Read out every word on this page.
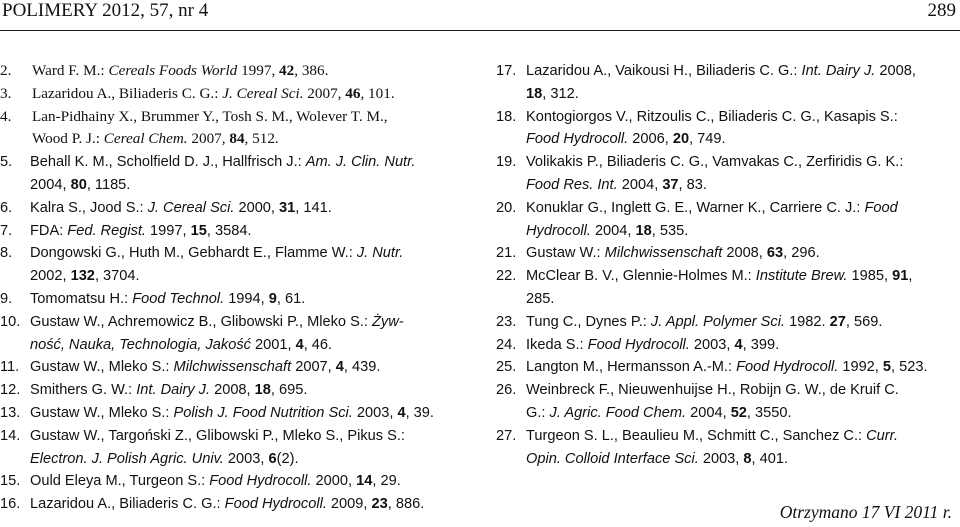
POLIMERY 2012, 57, nr 4	289
2. Ward F. M.: Cereals Foods World 1997, 42, 386.
3. Lazaridou A., Biliaderis C. G.: J. Cereal Sci. 2007, 46, 101.
4. Lan-Pidhainy X., Brummer Y., Tosh S. M., Wolever T. M.,
Wood P. J.: Cereal Chem. 2007, 84, 512.
5. Behall K. M., Scholfield D. J., Hallfrisch J.: Am. J. Clin. Nutr.
2004, 80, 1185.
6. Kalra S., Jood S.: J. Cereal Sci. 2000, 31, 141.
7. FDA: Fed. Regist. 1997, 15, 3584.
8. Dongowski G., Huth M., Gebhardt E., Flamme W.: J. Nutr.
2002, 132, 3704.
9. Tomomatsu H.: Food Technol. 1994, 9, 61.
10. Gustaw W., Achremowicz B., Glibowski P., Mleko S.: Żyw-
ność, Nauka, Technologia, Jakość 2001, 4, 46.
11. Gustaw W., Mleko S.: Milchwissenschaft 2007, 4, 439.
12. Smithers G. W.: Int. Dairy J. 2008, 18, 695.
13. Gustaw W., Mleko S.: Polish J. Food Nutrition Sci. 2003, 4, 39.
14. Gustaw W., Targoński Z., Glibowski P., Mleko S., Pikus S.:
Electron. J. Polish Agric. Univ. 2003, 6(2).
15. Ould Eleya M., Turgeon S.: Food Hydrocoll. 2000, 14, 29.
16. Lazaridou A., Biliaderis C. G.: Food Hydrocoll. 2009, 23, 886.
17. Lazaridou A., Vaikousi H., Biliaderis C. G.: Int. Dairy J. 2008,
18, 312.
18. Kontogiorgos V., Ritzoulis C., Biliaderis C. G., Kasapis S.:
Food Hydrocoll. 2006, 20, 749.
19. Volikakis P., Biliaderis C. G., Vamvakas C., Zerfiridis G. K.:
Food Res. Int. 2004, 37, 83.
20. Konuklar G., Inglett G. E., Warner K., Carriere C. J.: Food
Hydrocoll. 2004, 18, 535.
21. Gustaw W.: Milchwissenschaft 2008, 63, 296.
22. McClear B. V., Glennie-Holmes M.: Institute Brew. 1985, 91,
285.
23. Tung C., Dynes P.: J. Appl. Polymer Sci. 1982. 27, 569.
24. Ikeda S.: Food Hydrocoll. 2003, 4, 399.
25. Langton M., Hermansson A.-M.: Food Hydrocoll. 1992, 5, 523.
26. Weinbreck F., Nieuwenhuijse H., Robijn G. W., de Kruif C.
G.: J. Agric. Food Chem. 2004, 52, 3550.
27. Turgeon S. L., Beaulieu M., Schmitt C., Sanchez C.: Curr.
Opin. Colloid Interface Sci. 2003, 8, 401.
Otrzymano 17 VI 2011 r.
